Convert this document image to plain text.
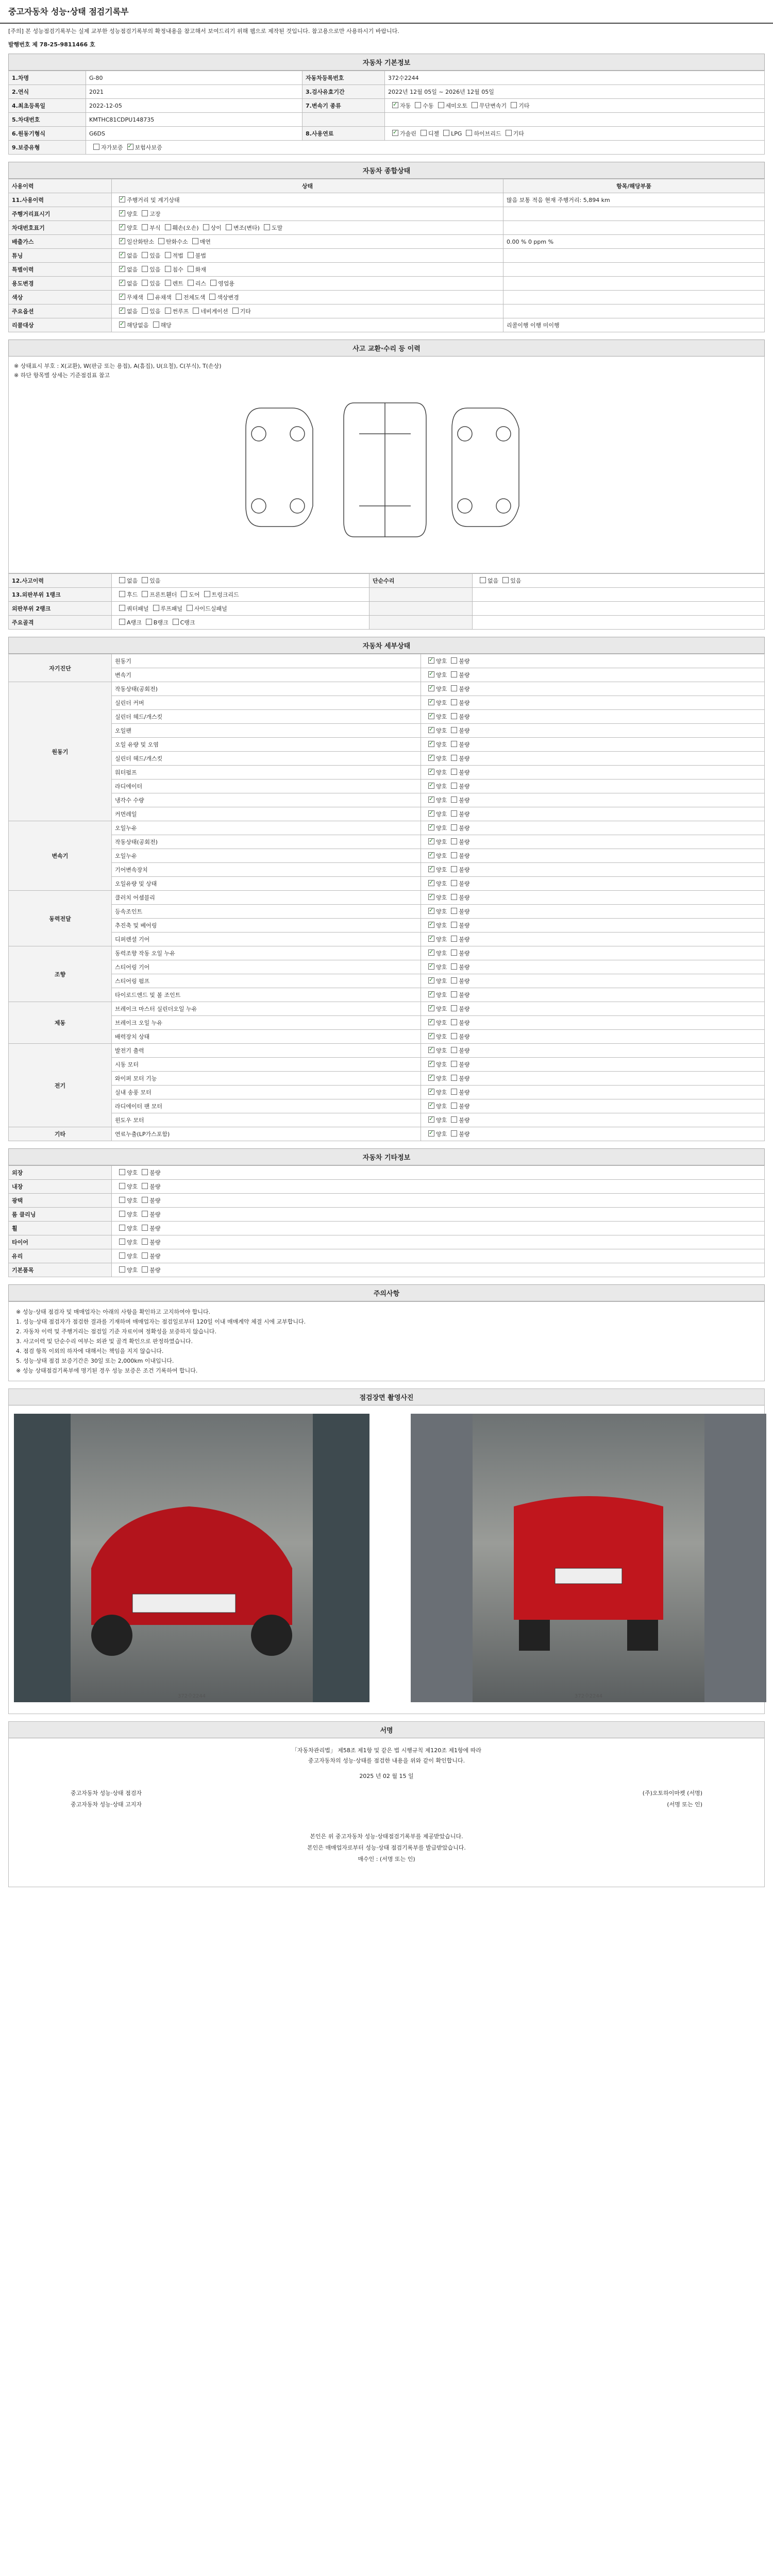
중고자동차 성능·상태 점검기록부
[주의] 본 성능점검기록부는 실제 교부한 성능점검기록부의 확정내용을 참고해서 보여드리기 위해 웹으로 제작된 것입니다. 참고용으로만 사용하시기 바랍니다.
발행번호 제 78-25-9811466 호
자동차 기본정보
1.차명	G-80	자동차등록번호	372수2244
2.연식	2021	3.검사유효기간	2022년 12월 05일 ~ 2026년 12월 05일
4.최초등록일	2022-12-05	7.변속기 종류	✓자동 수동 세미오토 무단변속기 기타
5.차대번호	KMTHC81CDPU148735		
6.원동기형식	G6DS	8.사용연료	✓가솔린 디젤 LPG 하이브리드 기타
9.보증유형	자가보증 ✓ 보험사보증
자동차 종합상태
사용이력	상태	항목/해당부품
11.사용이력	✓주행거리 및 계기상태	많음 보통 적음 현재 주행거리: 5,894 km
주행거리표시기	✓양호 고장	
차대번호표기	✓양호 부식 훼손(오손) 상이 변조(변타) 도말	
배출가스	✓일산화탄소 탄화수소 매연	0.00 % 0 ppm %
튜닝	✓없음 있음 적법 불법	
특별이력	✓없음 있음 침수 화재	
용도변경	✓없음 있음 렌트 리스 영업용	
색상	✓무채색 유채색 전체도색 색상변경	
주요옵션	✓없음 있음 썬루프 네비게이션 기타	
리콜대상	✓해당없음 해당	리콜이행 이행 미이행
사고 교환·수리 등 이력
※ 상태표시 부호 : X(교환), W(판금 또는 용접), A(흠집), U(요철), C(부식), T(손상)
※ 하단 항목별 상세는 기준점검표 참고
12.사고이력	없음 있음	단순수리	없음 있음
13.외판부위 1랭크	후드 프론트휀더 도어 트렁크리드		
외판부위 2랭크	쿼터패널 루프패널 사이드실패널		
주요골격	A랭크 B랭크 C랭크		
자동차 세부상태
자기진단	원동기	✓양호 불량
	변속기	✓양호 불량
원동기	작동상태(공회전)	✓양호 불량
	실린더 커버	✓양호 불량
	실린더 헤드/개스킷	✓양호 불량
	오일팬	✓양호 불량
	오일 유량 및 오염	✓양호 불량
	실린더 헤드/개스킷	✓양호 불량
	워터펌프	✓양호 불량
	라디에이터	✓양호 불량
	냉각수 수량	✓양호 불량
	커먼레일	✓양호 불량
변속기	오일누유	✓양호 불량
	작동상태(공회전)	✓양호 불량
	오일누유	✓양호 불량
	기어변속장치	✓양호 불량
	오일유량 및 상태	✓양호 불량
동력전달	클러치 어셈블리	✓양호 불량
	등속조인트	✓양호 불량
	추진축 및 베어링	✓양호 불량
	디퍼렌셜 기어	✓양호 불량
조향	동력조향 작동 오일 누유	✓양호 불량
	스티어링 기어	✓양호 불량
	스티어링 펌프	✓양호 불량
	타이로드엔드 및 볼 조인트	✓양호 불량
제동	브레이크 마스터 실린더오일 누유	✓양호 불량
	브레이크 오일 누유	✓양호 불량
	배력장치 상태	✓양호 불량
전기	발전기 출력	✓양호 불량
	시동 모터	✓양호 불량
	와이퍼 모터 기능	✓양호 불량
	실내 송풍 모터	✓양호 불량
	라디에이터 팬 모터	✓양호 불량
	윈도우 모터	✓양호 불량
기타	연료누출(LP가스포함)	✓양호 불량
자동차 기타정보
외장	양호 불량
내장	양호 불량
광택	양호 불량
룸 클리닝	양호 불량
휠	양호 불량
타이어	양호 불량
유리	양호 불량
기본품목	양호 불량
주의사항
※ 성능·상태 점검자 및 매매업자는 아래의 사항을 확인하고 고지하여야 합니다.
1. 성능·상태 점검자가 점검한 결과를 기재하며 매매업자는 점검일로부터 120일 이내 매매계약 체결 시에 교부합니다.
2. 자동차 이력 및 주행거리는 점검일 기준 자료이며 정확성을 보증하지 않습니다.
3. 사고이력 및 단순수리 여부는 외관 및 골격 확인으로 판정하였습니다.
4. 점검 항목 이외의 하자에 대해서는 책임을 지지 않습니다.
5. 성능·상태 점검 보증기간은 30일 또는 2,000km 이내입니다.
※ 성능 상태점검기록부에 명기된 경우 성능 보증은 조건 기록하여 합니다.
점검장면 촬영사진
372수2244	372수2244
서명
「자동차관리법」 제58조 제1항 및 같은 법 시행규칙 제120조 제1항에 따라
중고자동차의 성능·상태를 점검한 내용을 위와 같이 확인합니다.
2025 년 02 월 15 일
중고자동차 성능·상태 점검자
중고자동차 성능·상태 고지자
(주)오토하이마켓 (서명)
(서명 또는 인)
본인은 위 중고자동차 성능·상태점검기록부를 제공받았습니다.
본인은 매매업자로부터 성능·상태 점검기록부를 발급받았습니다.
매수인 : (서명 또는 인)
